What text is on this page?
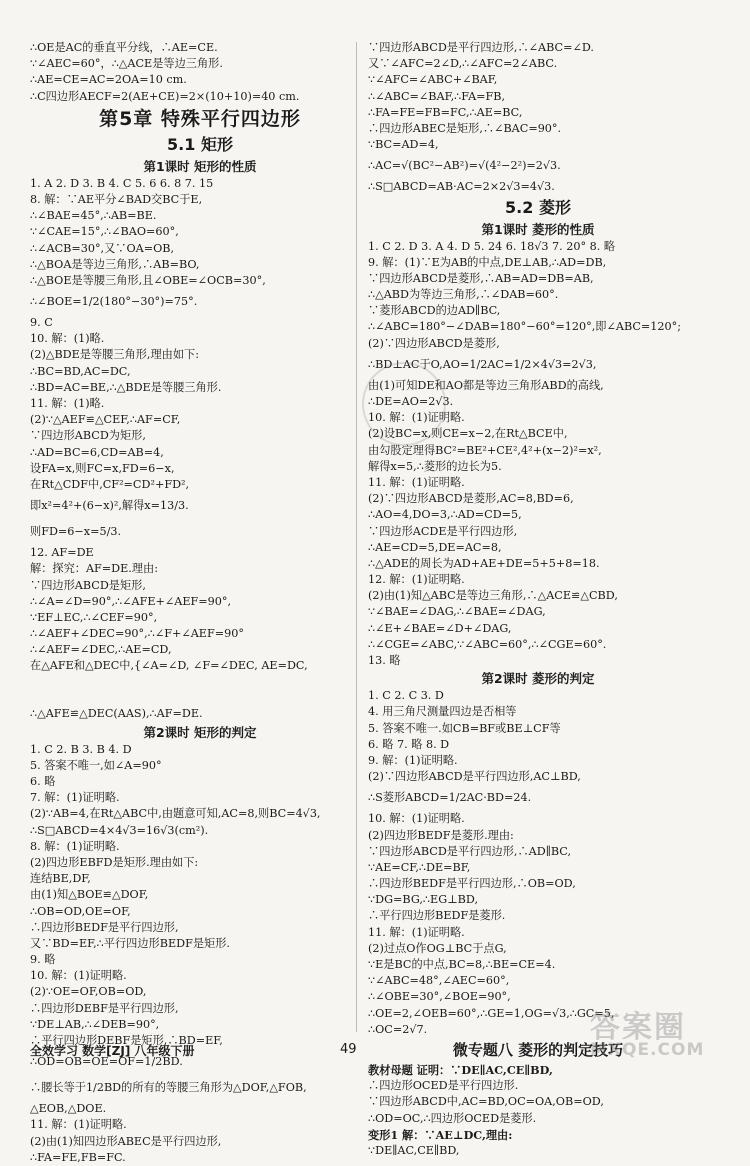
∴OE是AC的垂直平分线，∴AE=CE.
∵∠AEC=60°，∴△ACE是等边三角形.
∴AE=CE=AC=2OA=10 cm.
∴C四边形AECF=2(AE+CE)=2×(10+10)=40 cm.
第5章 特殊平行四边形
5.1 矩形
第1课时 矩形的性质
1. A 2. D 3. B 4. C 5. 6 6. 8 7. 15
8. 解：∵AE平分∠BAD交BC于E,
∴∠BAE=45°,∴AB=BE.
∵∠CAE=15°,∴∠BAO=60°,
∴∠ACB=30°,又∵OA=OB,
∴△BOA是等边三角形,∴AB=BO,
∴△BOE是等腰三角形,且∠OBE=∠OCB=30°,
∴∠BOE=1/2(180°−30°)=75°.
9. C
10. 解：(1)略.
(2)△BDE是等腰三角形,理由如下:
∴BC=BD,AC=DC,
∴BD=AC=BE,∴△BDE是等腰三角形.
11. 解：(1)略.
(2)∵△AEF≌△CEF,∴AF=CF,
∵四边形ABCD为矩形,
∴AD=BC=6,CD=AB=4,
设FA=x,则FC=x,FD=6−x,
在Rt△CDF中,CF²=CD²+FD²,
即x²=4²+(6−x)²,解得x=13/3.
则FD=6−x=5/3.
12. AF=DE
解：探究：AF=DE.理由:
∵四边形ABCD是矩形,
∴∠A=∠D=90°,∴∠AFE+∠AEF=90°,
∵EF⊥EC,∴∠CEF=90°,
∴∠AEF+∠DEC=90°,∴∠F+∠AEF=90°
∴∠AEF=∠DEC,∴AE=CD,
在△AFE和△DEC中,{∠A=∠D, ∠F=∠DEC, AE=DC,
∴△AFE≌△DEC(AAS),∴AF=DE.
第2课时 矩形的判定
1. C 2. B 3. B 4. D
5. 答案不唯一,如∠A=90°
6. 略
7. 解：(1)证明略.
(2)∵AB=4,在Rt△ABC中,由题意可知,AC=8,则BC=4√3,
∴S□ABCD=4×4√3=16√3(cm²).
8. 解：(1)证明略.
(2)四边形EBFD是矩形.理由如下:
连结BE,DF,
由(1)知△BOE≌△DOF,
∴OB=OD,OE=OF,
∴四边形BEDF是平行四边形,
又∵BD=EF,∴平行四边形BEDF是矩形.
9. 略
10. 解：(1)证明略.
(2)∵OE=OF,OB=OD,
∴四边形DEBF是平行四边形,
∵DE⊥AB,∴∠DEB=90°,
∴平行四边形DEBF是矩形,∴BD=EF,
∴OD=OB=OE=OF=1/2BD.
∴腰长等于1/2BD的所有的等腰三角形为△DOF,△FOB,
△EOB,△DOE.
11. 解：(1)证明略.
(2)由(1)知四边形ABEC是平行四边形,
∴FA=FE,FB=FC.
∵四边形ABCD是平行四边形,∴∠ABC=∠D.
又∵∠AFC=2∠D,∴∠AFC=2∠ABC.
∵∠AFC=∠ABC+∠BAF,
∴∠ABC=∠BAF,∴FA=FB,
∴FA=FE=FB=FC,∴AE=BC,
∴四边形ABEC是矩形,∴∠BAC=90°.
∵BC=AD=4,
∴AC=√(BC²−AB²)=√(4²−2²)=2√3.
∴S□ABCD=AB·AC=2×2√3=4√3.
5.2 菱形
第1课时 菱形的性质
1. C 2. D 3. A 4. D 5. 24 6. 18√3 7. 20° 8. 略
9. 解：(1)∵E为AB的中点,DE⊥AB,∴AD=DB,
∵四边形ABCD是菱形,∴AB=AD=DB=AB,
∴△ABD为等边三角形,∴∠DAB=60°.
∵菱形ABCD的边AD∥BC,
∴∠ABC=180°−∠DAB=180°−60°=120°,即∠ABC=120°;
(2)∵四边形ABCD是菱形,
∴BD⊥AC于O,AO=1/2AC=1/2×4√3=2√3,
由(1)可知DE和AO都是等边三角形ABD的高线,
∴DE=AO=2√3.
10. 解：(1)证明略.
(2)设BC=x,则CE=x−2,在Rt△BCE中,
由勾股定理得BC²=BE²+CE²,4²+(x−2)²=x²,
解得x=5,∴菱形的边长为5.
11. 解：(1)证明略.
(2)∵四边形ABCD是菱形,AC=8,BD=6,
∴AO=4,DO=3,∴AD=CD=5,
∵四边形ACDE是平行四边形,
∴AE=CD=5,DE=AC=8,
∴△ADE的周长为AD+AE+DE=5+5+8=18.
12. 解：(1)证明略.
(2)由(1)知△ABC是等边三角形,∴△ACE≌△CBD,
∵∠BAE=∠DAG,∴∠BAE=∠DAG,
∴∠E+∠BAE=∠D+∠DAG,
∴∠CGE=∠ABC,∵∠ABC=60°,∴∠CGE=60°.
13. 略
第2课时 菱形的判定
1. C 2. C 3. D
4. 用三角尺测量四边是否相等
5. 答案不唯一.如CB=BF或BE⊥CF等
6. 略 7. 略 8. D
9. 解：(1)证明略.
(2)∵四边形ABCD是平行四边形,AC⊥BD,
∴S菱形ABCD=1/2AC·BD=24.
10. 解：(1)证明略.
(2)四边形BEDF是菱形.理由:
∵四边形ABCD是平行四边形,∴AD∥BC,
∵AE=CF,∴DE=BF,
∴四边形BEDF是平行四边形,∴OB=OD,
∵DG=BG,∴EG⊥BD,
∴平行四边形BEDF是菱形.
11. 解：(1)证明略.
(2)过点O作OG⊥BC于点G,
∵E是BC的中点,BC=8,∴BE=CE=4.
∵∠ABC=48°,∠AEC=60°,
∴∠OBE=30°,∠BOE=90°,
∴OE=2,∠OEB=60°,∴GE=1,OG=√3,∴GC=5,
∴OC=2√7.
微专题八 菱形的判定技巧
教材母题 证明：∵DE∥AC,CE∥BD,
∴四边形OCED是平行四边形.
∵四边形ABCD中,AC=BD,OC=OA,OB=OD,
∴OD=OC,∴四边形OCED是菱形.
变形1 解：∵AE⊥DC,理由:
∵DE∥AC,CE∥BD,
全效学习 数学[ZJ] 八年级下册	49
答案圈
MXQE.COM
